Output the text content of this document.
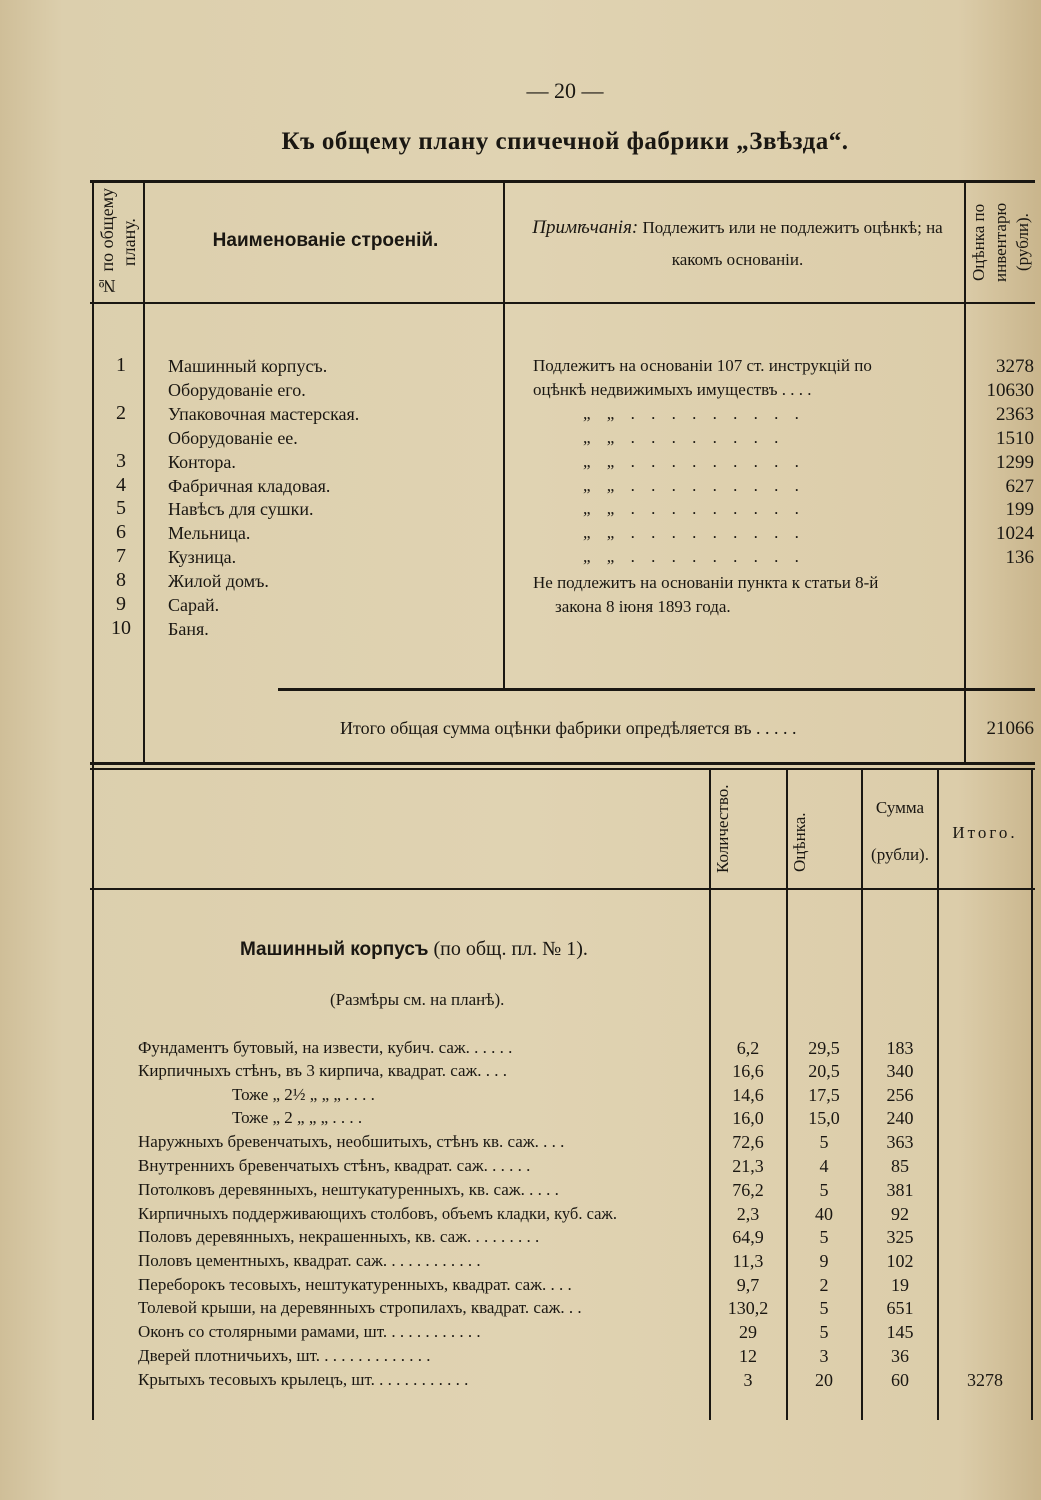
— 20 —
Къ общему плану спичечной фабрики „Звѣзда“.
№ по общему плану.	Наименованіе строеній.
Примѣчанія: Подлежитъ или не подлежитъ оцѣнкѣ; на какомъ основаніи.	Оцѣнка по инвентарю (рубли).
1	Машинный корпусъ.	Подлежитъ на основаніи 107 ст. инструкцій по	3278
Оборудованіе его.	оцѣнкѣ недвижимыхъ имуществъ . . . .	10630
2	Упаковочная мастерская.	„ „ . . . . . . . . .	2363
Оборудованіе ее.	„ „ . . . . . . . .	1510
3	Контора.	„ „ . . . . . . . . .	1299
4	Фабричная кладовая.	„ „ . . . . . . . . .	627
5	Навѣсъ для сушки.	„ „ . . . . . . . . .	199
6	Мельница.	„ „ . . . . . . . . .	1024
7	Кузница.	„ „ . . . . . . . . .	136
8	Жилой домъ.	Не подлежитъ на основаніи пункта к статьи 8-й
9	Сарай.	закона 8 іюня 1893 года.
10	Баня.
Итого общая сумма оцѣнки фабрики опредѣляется въ . . . . .	21066
Количество.	Оцѣнка.
Сумма
(рубли).
Итого.
Машинный корпусъ (по общ. пл. № 1).
(Размѣры см. на планѣ).
Фундаментъ бутовый, на извести, кубич. саж. . . . . .	6,2	29,5	183
Кирпичныхъ стѣнъ, въ 3 кирпича, квадрат. саж. . . .	16,6	20,5	340
Тоже „ 2½ „ „ „ . . . .	14,6	17,5	256
Тоже „ 2 „ „ „ . . . .	16,0	15,0	240
Наружныхъ бревенчатыхъ, необшитыхъ, стѣнъ кв. саж. . . .	72,6	5	363
Внутреннихъ бревенчатыхъ стѣнъ, квадрат. саж. . . . . .	21,3	4	85
Потолковъ деревянныхъ, нештукатуренныхъ, кв. саж. . . . .	76,2	5	381
Кирпичныхъ поддерживающихъ столбовъ, объемъ кладки, куб. саж.	2,3	40	92
Половъ деревянныхъ, некрашенныхъ, кв. саж. . . . . . . . .	64,9	5	325
Половъ цементныхъ, квадрат. саж. . . . . . . . . . . .	11,3	9	102
Переборокъ тесовыхъ, нештукатуренныхъ, квадрат. саж. . . .	9,7	2	19
Толевой крыши, на деревянныхъ стропилахъ, квадрат. саж. . .	130,2	5	651
Оконъ со столярными рамами, шт. . . . . . . . . . . .	29	5	145
Дверей плотничьихъ, шт. . . . . . . . . . . . . .	12	3	36
Крытыхъ тесовыхъ крылецъ, шт. . . . . . . . . . . .	3	20	60	3278
